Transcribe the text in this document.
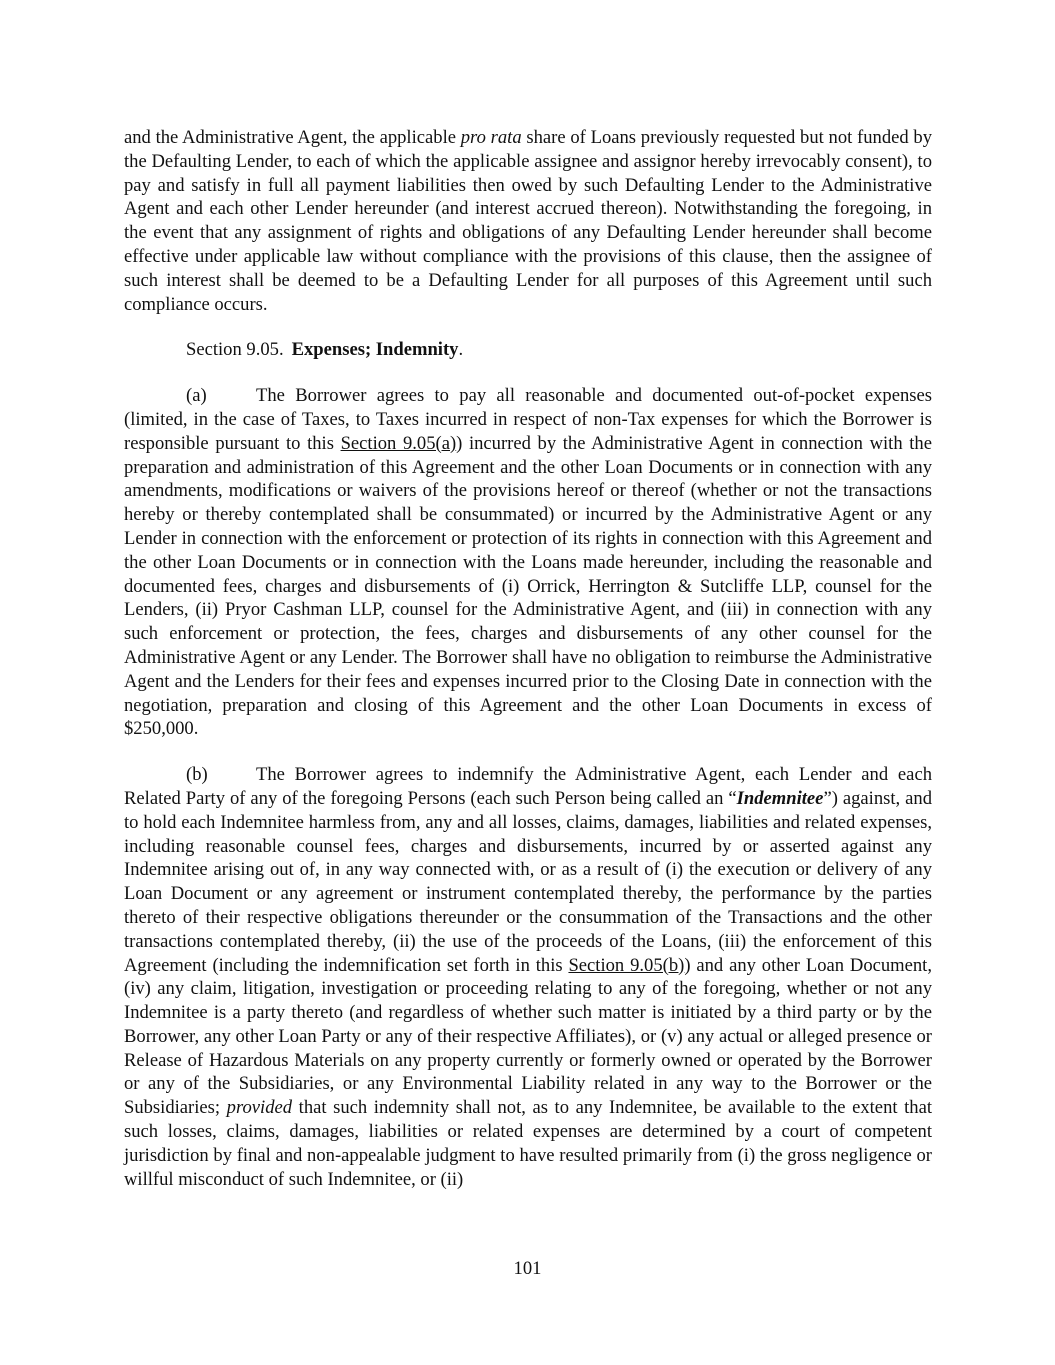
and the Administrative Agent, the applicable pro rata share of Loans previously requested but not funded by the Defaulting Lender, to each of which the applicable assignee and assignor hereby irrevocably consent), to pay and satisfy in full all payment liabilities then owed by such Defaulting Lender to the Administrative Agent and each other Lender hereunder (and interest accrued thereon). Notwithstanding the foregoing, in the event that any assignment of rights and obligations of any Defaulting Lender hereunder shall become effective under applicable law without compliance with the provisions of this clause, then the assignee of such interest shall be deemed to be a Defaulting Lender for all purposes of this Agreement until such compliance occurs.

Section 9.05. Expenses; Indemnity.

(a)	The Borrower agrees to pay all reasonable and documented out-of-pocket expenses (limited, in the case of Taxes, to Taxes incurred in respect of non-Tax expenses for which the Borrower is responsible pursuant to this Section 9.05(a)) incurred by the Administrative Agent in connection with the preparation and administration of this Agreement and the other Loan Documents or in connection with any amendments, modifications or waivers of the provisions hereof or thereof (whether or not the transactions hereby or thereby contemplated shall be consummated) or incurred by the Administrative Agent or any Lender in connection with the enforcement or protection of its rights in connection with this Agreement and the other Loan Documents or in connection with the Loans made hereunder, including the reasonable and documented fees, charges and disbursements of (i) Orrick, Herrington & Sutcliffe LLP, counsel for the Lenders, (ii) Pryor Cashman LLP, counsel for the Administrative Agent, and (iii) in connection with any such enforcement or protection, the fees, charges and disbursements of any other counsel for the Administrative Agent or any Lender. The Borrower shall have no obligation to reimburse the Administrative Agent and the Lenders for their fees and expenses incurred prior to the Closing Date in connection with the negotiation, preparation and closing of this Agreement and the other Loan Documents in excess of $250,000.

(b)	The Borrower agrees to indemnify the Administrative Agent, each Lender and each Related Party of any of the foregoing Persons (each such Person being called an “Indemnitee”) against, and to hold each Indemnitee harmless from, any and all losses, claims, damages, liabilities and related expenses, including reasonable counsel fees, charges and disbursements, incurred by or asserted against any Indemnitee arising out of, in any way connected with, or as a result of (i) the execution or delivery of any Loan Document or any agreement or instrument contemplated thereby, the performance by the parties thereto of their respective obligations thereunder or the consummation of the Transactions and the other transactions contemplated thereby, (ii) the use of the proceeds of the Loans, (iii) the enforcement of this Agreement (including the indemnification set forth in this Section 9.05(b)) and any other Loan Document, (iv) any claim, litigation, investigation or proceeding relating to any of the foregoing, whether or not any Indemnitee is a party thereto (and regardless of whether such matter is initiated by a third party or by the Borrower, any other Loan Party or any of their respective Affiliates), or (v) any actual or alleged presence or Release of Hazardous Materials on any property currently or formerly owned or operated by the Borrower or any of the Subsidiaries, or any Environmental Liability related in any way to the Borrower or the Subsidiaries; provided that such indemnity shall not, as to any Indemnitee, be available to the extent that such losses, claims, damages, liabilities or related expenses are determined by a court of competent jurisdiction by final and non-appealable judgment to have resulted primarily from (i) the gross negligence or willful misconduct of such Indemnitee, or (ii)

101
